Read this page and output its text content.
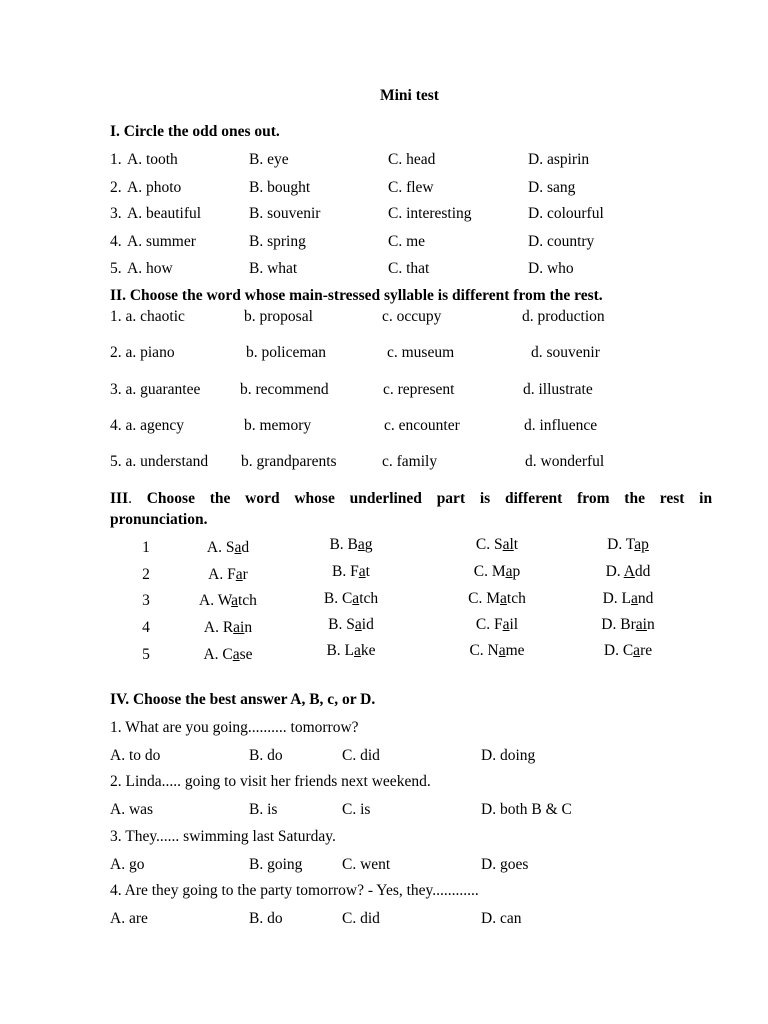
Mini test
I. Circle the odd ones out.
1. A. tooth	B. eye	C. head	D. aspirin
2. A. photo	B. bought	C. flew	D. sang
3. A. beautiful	B. souvenir	C. interesting	D. colourful
4. A. summer	B. spring	C. me	D. country
5. A. how	B. what	C. that	D. who
II. Choose the word whose main-stressed syllable is different from the rest.
1. a. chaotic	b. proposal	c. occupy	d. production
2. a. piano	b. policeman	c. museum	d. souvenir
3. a. guarantee	b. recommend	c. represent	d. illustrate
4. a. agency	b. memory	c. encounter	d. influence
5. a. understand b. grandparents	c. family	d. wonderful
III. Choose the word whose underlined part is different from the rest in
pronunciation.
1	A. Sad	B. Bag	C. Salt	D. Tap
2	A. Far	B. Fat	C. Map	D. Add
3	A. Watch	B. Catch	C. Match	D. Land
4	A. Rain	B. Said	C. Fail	D. Brain
5	A. Case	B. Lake	C. Name	D. Care
IV. Choose the best answer A, B, c, or D.
1. What are you going.......... tomorrow?
A. to do	B. do	C. did	D. doing
2. Linda..... going to visit her friends next weekend.
A. was	B. is	C. is	D. both B & C
3. They...... swimming last Saturday.
A. go	B. going	C. went	D. goes
4. Are they going to the party tomorrow? - Yes, they............
A. are	B. do	C. did	D. can
